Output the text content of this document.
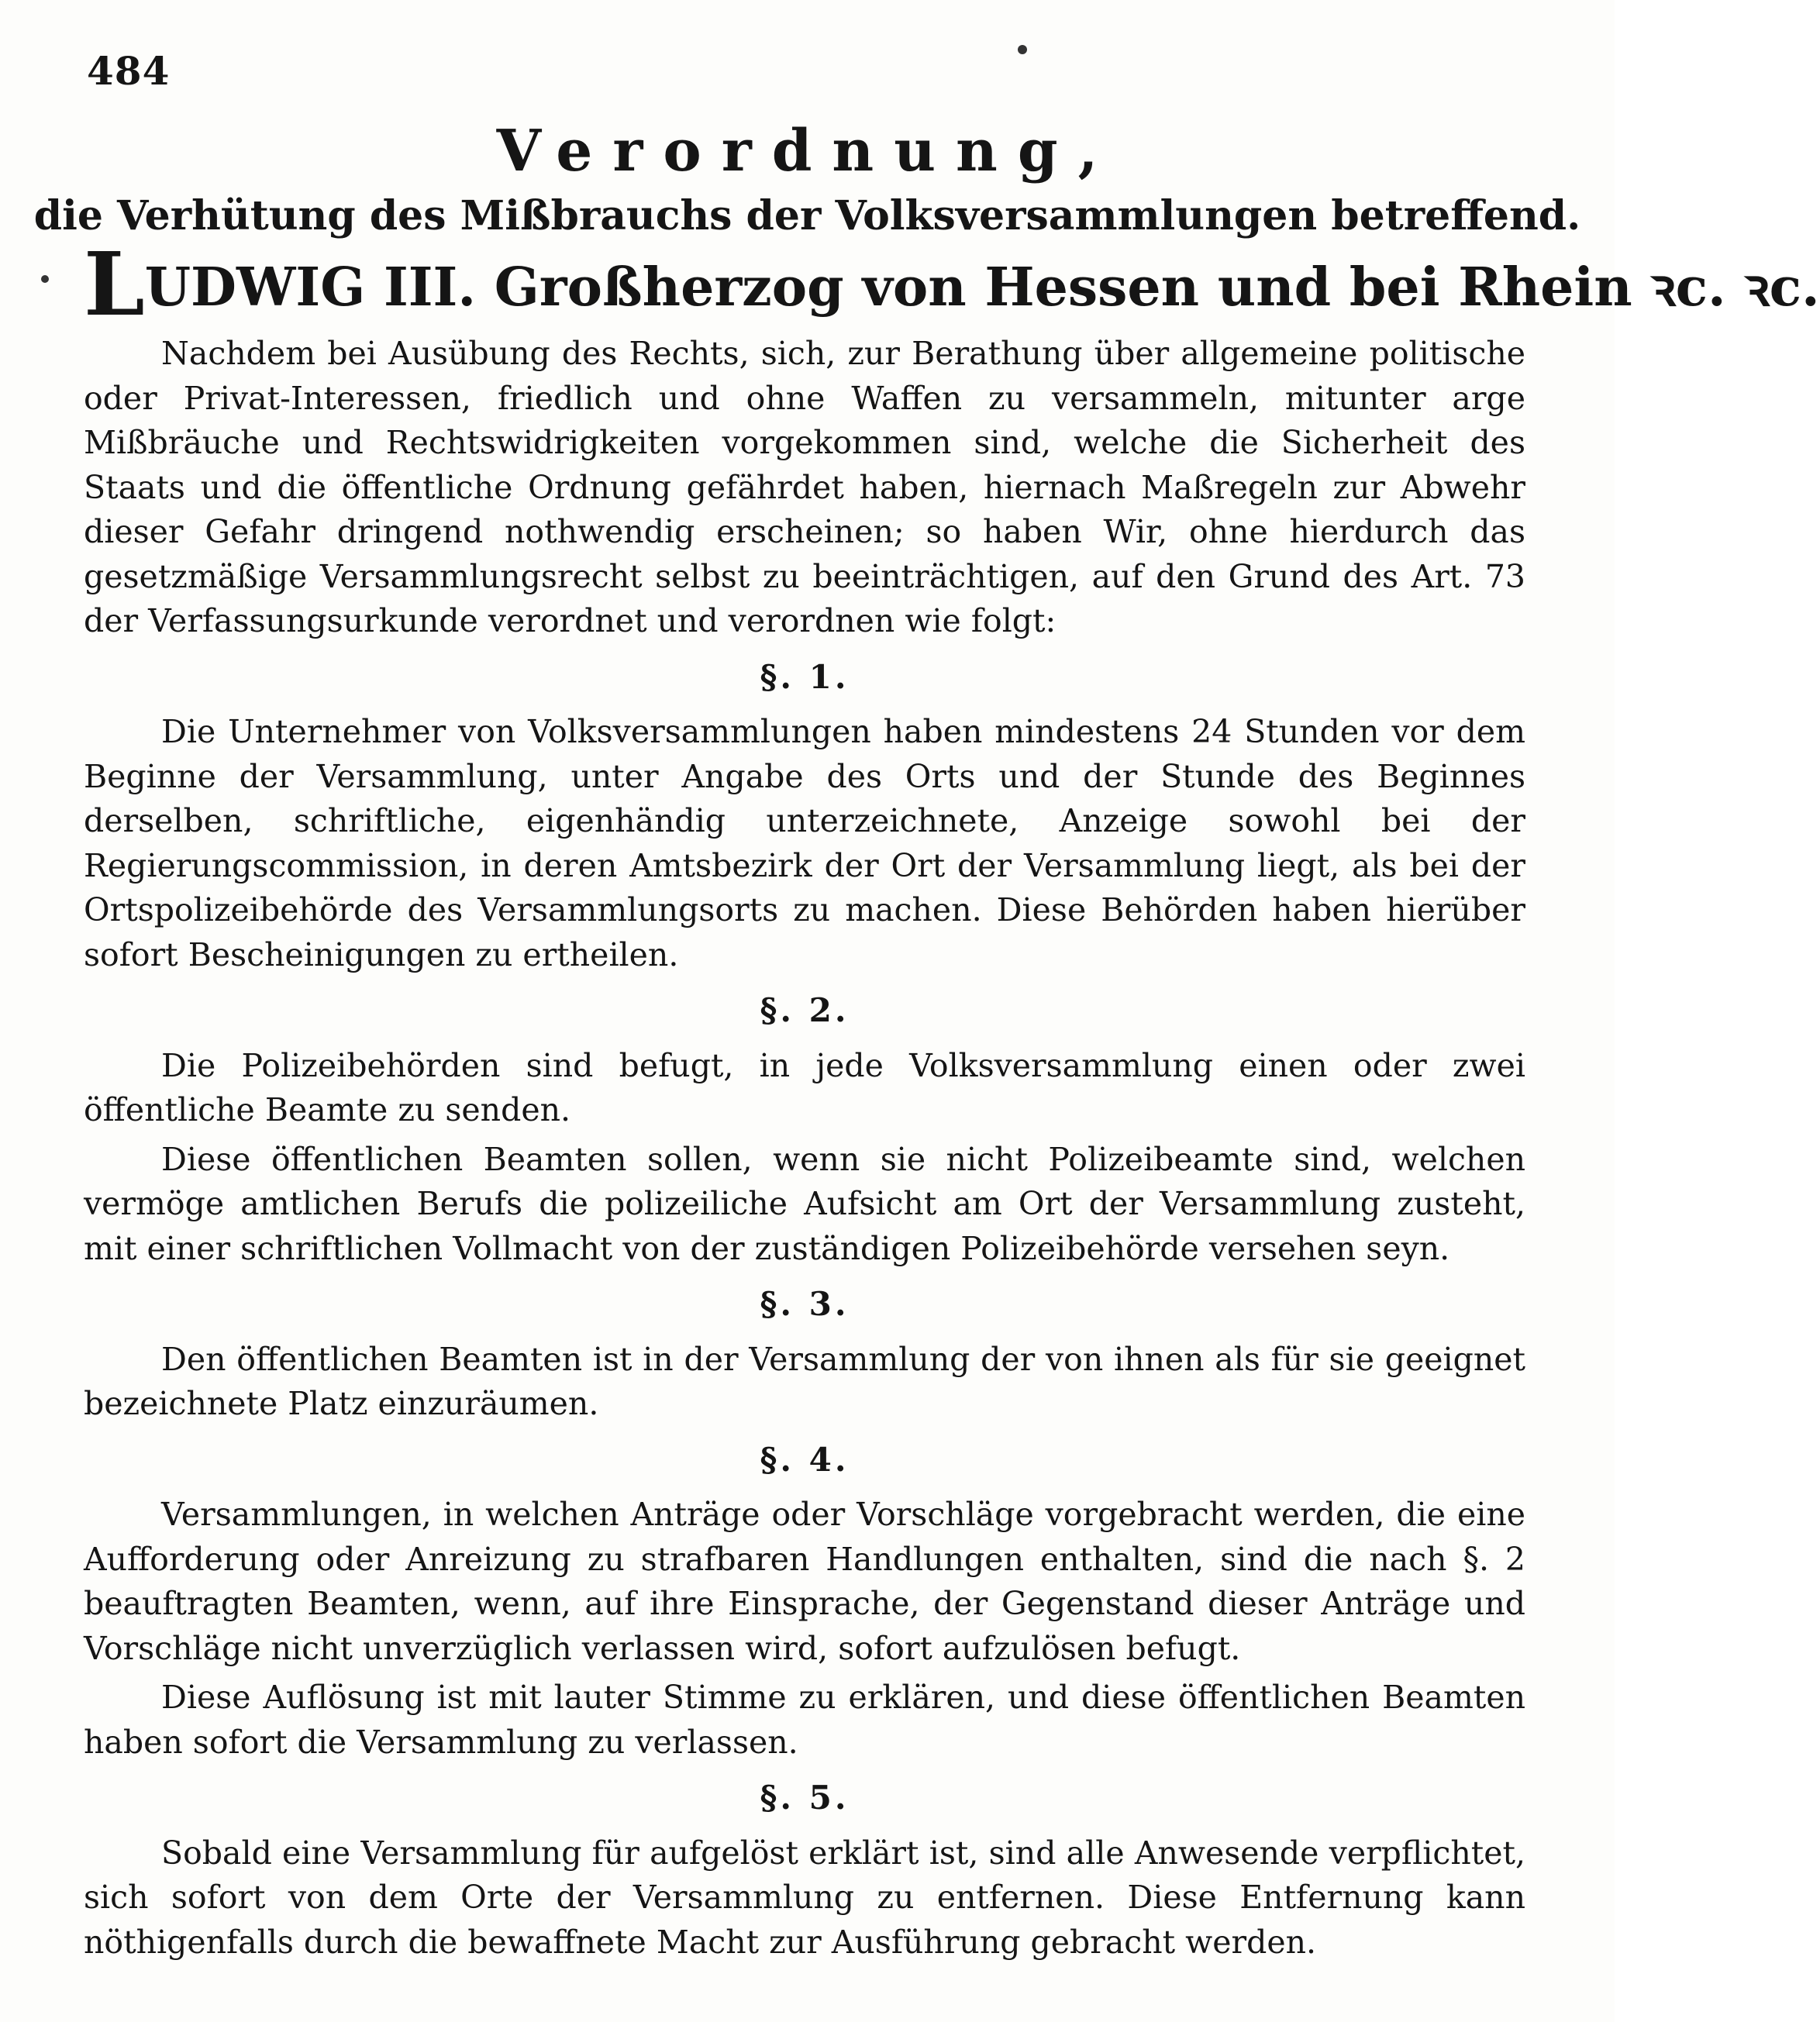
484
Verordnung,
die Verhütung des Mißbrauchs der Volksversammlungen betreffend.
LUDWIG III. Großherzog von Hessen und bei Rhein ꝛc. ꝛc.

Nachdem bei Ausübung des Rechts, sich, zur Berathung über allgemeine politische oder Privat-Interessen, friedlich und ohne Waffen zu versammeln, mitunter arge Mißbräuche und Rechtswidrigkeiten vorgekommen sind, welche die Sicherheit des Staats und die öffentliche Ordnung gefährdet haben, hiernach Maßregeln zur Abwehr dieser Gefahr dringend nothwendig erscheinen; so haben Wir, ohne hierdurch das gesetzmäßige Versammlungsrecht selbst zu beeinträchtigen, auf den Grund des Art. 73 der Verfassungsurkunde verordnet und verordnen wie folgt:

§. 1.

Die Unternehmer von Volksversammlungen haben mindestens 24 Stunden vor dem Beginne der Versammlung, unter Angabe des Orts und der Stunde des Beginnes derselben, schriftliche, eigenhändig unterzeichnete, Anzeige sowohl bei der Regierungscommission, in deren Amtsbezirk der Ort der Versammlung liegt, als bei der Ortspolizeibehörde des Versammlungsorts zu machen. Diese Behörden haben hierüber sofort Bescheinigungen zu ertheilen.

§. 2.

Die Polizeibehörden sind befugt, in jede Volksversammlung einen oder zwei öffentliche Beamte zu senden.

Diese öffentlichen Beamten sollen, wenn sie nicht Polizeibeamte sind, welchen vermöge amtlichen Berufs die polizeiliche Aufsicht am Ort der Versammlung zusteht, mit einer schriftlichen Vollmacht von der zuständigen Polizeibehörde versehen seyn.

§. 3.

Den öffentlichen Beamten ist in der Versammlung der von ihnen als für sie geeignet bezeichnete Platz einzuräumen.

§. 4.

Versammlungen, in welchen Anträge oder Vorschläge vorgebracht werden, die eine Aufforderung oder Anreizung zu strafbaren Handlungen enthalten, sind die nach §. 2 beauftragten Beamten, wenn, auf ihre Einsprache, der Gegenstand dieser Anträge und Vorschläge nicht unverzüglich verlassen wird, sofort aufzulösen befugt.

Diese Auflösung ist mit lauter Stimme zu erklären, und diese öffentlichen Beamten haben sofort die Versammlung zu verlassen.

§. 5.

Sobald eine Versammlung für aufgelöst erklärt ist, sind alle Anwesende verpflichtet, sich sofort von dem Orte der Versammlung zu entfernen. Diese Entfernung kann nöthigenfalls durch die bewaffnete Macht zur Ausführung gebracht werden.
